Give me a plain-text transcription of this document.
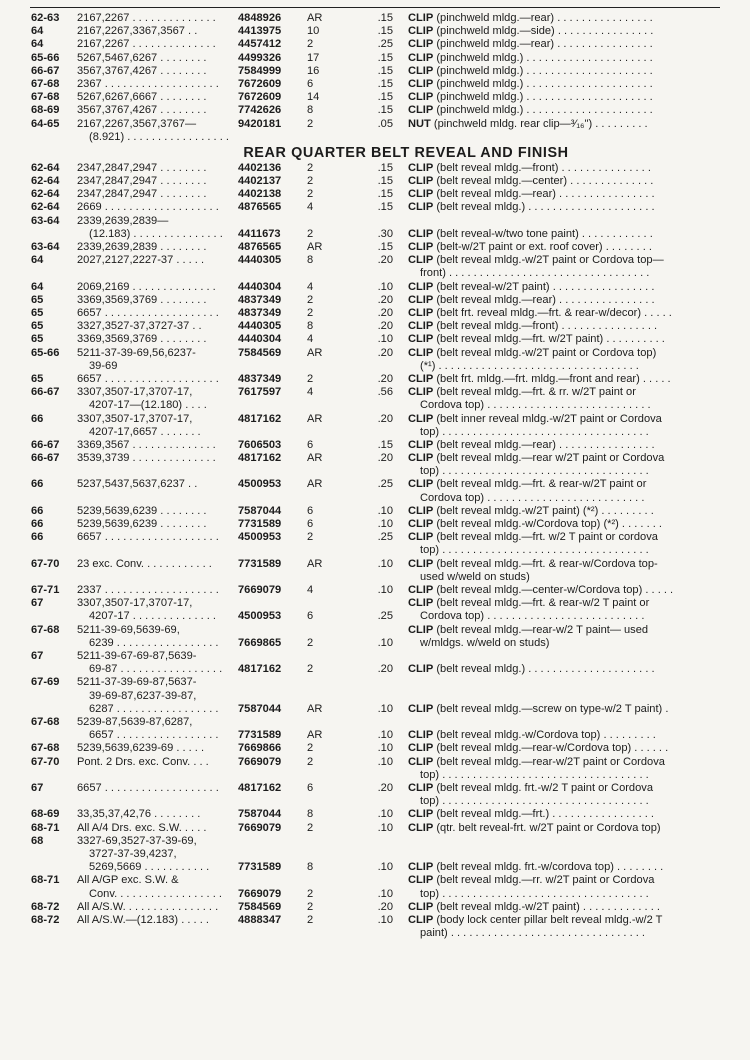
62-63	2167,2267 . . . . . . . . . . . . . .	4848926	AR	.15 CLIP (pinchweld mldg.—rear) . . . . . . . . . . . . . . . .
64	2167,2267,3367,3567 . .	4413975	10	.15 CLIP (pinchweld mldg.—side) . . . . . . . . . . . . . . . .
64	2167,2267 . . . . . . . . . . . . . .	4457412	2	.25 CLIP (pinchweld mldg.—rear) . . . . . . . . . . . . . . . .
65-66	5267,5467,6267 . . . . . . . .	4499326	17	.15 CLIP (pinchweld mldg.) . . . . . . . . . . . . . . . . . . . . .
66-67	3567,3767,4267 . . . . . . . .	7584999	16	.15 CLIP (pinchweld mldg.) . . . . . . . . . . . . . . . . . . . . .
67-68	2367 . . . . . . . . . . . . . . . . . . .	7672609	6	.15 CLIP (pinchweld mldg.) . . . . . . . . . . . . . . . . . . . . .
67-68	5267,6267,6667 . . . . . . . .	7672609	14	.15 CLIP (pinchweld mldg.) . . . . . . . . . . . . . . . . . . . . .
68-69	3567,3767,4267 . . . . . . . .	7742626	8	.15 CLIP (pinchweld mldg.) . . . . . . . . . . . . . . . . . . . . .
64-65	2167,2267,3567,3767—
(8.921) . . . . . . . . . . . . . . . . .
9420181	2	.05 NUT (pinchweld mldg. rear clip—³⁄₁₆") . . . . . . . . .
REAR QUARTER BELT REVEAL AND FINISH
62-64	2347,2847,2947 . . . . . . . .	4402136	2	.15 CLIP (belt reveal mldg.—front) . . . . . . . . . . . . . . .
62-64	2347,2847,2947 . . . . . . . .	4402137	2	.15 CLIP (belt reveal mldg.—center) . . . . . . . . . . . . . .
62-64	2347,2847,2947 . . . . . . . .	4402138	2	.15 CLIP (belt reveal mldg.—rear) . . . . . . . . . . . . . . . .
62-64	2669 . . . . . . . . . . . . . . . . . . .	4876565	4	.15 CLIP (belt reveal mldg.) . . . . . . . . . . . . . . . . . . . . .
63-64	2339,2639,2839—
(12.183) . . . . . . . . . . . . . . .	4411673	2	.30 CLIP (belt reveal-w/two tone paint) . . . . . . . . . . . .
63-64	2339,2639,2839 . . . . . . . .	4876565	AR	.15 CLIP (belt-w/2T paint or ext. roof cover) . . . . . . . .
64	2027,2127,2227-37 . . . . .	4440305	8	.20 CLIP (belt reveal mldg.-w/2T paint or Cordova top—
front) . . . . . . . . . . . . . . . . . . . . . . . . . . . . . . . . .
64	2069,2169 . . . . . . . . . . . . . .	4440304	4	.10 CLIP (belt reveal-w/2T paint) . . . . . . . . . . . . . . . . .
65	3369,3569,3769 . . . . . . . .	4837349	2	.20 CLIP (belt reveal mldg.—rear) . . . . . . . . . . . . . . . .
65	6657 . . . . . . . . . . . . . . . . . . .	4837349	2	.20 CLIP (belt frt. reveal mldg.—frt. & rear-w/decor) . . . . .
65	3327,3527-37,3727-37 . .	4440305	8	.20 CLIP (belt reveal mldg.—front) . . . . . . . . . . . . . . . .
65	3369,3569,3769 . . . . . . . .	4440304	4	.10 CLIP (belt reveal mldg.—frt. w/2T paint) . . . . . . . . . .
65-66	5211-37-39-69,56,6237-
39-69
7584569	AR	.20 CLIP (belt reveal mldg.-w/2T paint or Cordova top)
(*¹) . . . . . . . . . . . . . . . . . . . . . . . . . . . . . . . . .
65	6657 . . . . . . . . . . . . . . . . . . .	4837349	2	.20 CLIP (belt frt. mldg.—frt. mldg.—front and rear) . . . . .
66-67	3307,3507-17,3707-17,
4207-17—(12.180) . . . .
7617597	4	.56 CLIP (belt reveal mldg.—frt. & rr. w/2T paint or
Cordova top) . . . . . . . . . . . . . . . . . . . . . . . . . . .
66	3307,3507-17,3707-17,
4207-17,6657 . . . . . . .
4817162	AR	.20 CLIP (belt inner reveal mldg.-w/2T paint or Cordova
top) . . . . . . . . . . . . . . . . . . . . . . . . . . . . . . . . . .
66-67	3369,3567 . . . . . . . . . . . . . .	7606503	6	.15 CLIP (belt reveal mldg.—rear) . . . . . . . . . . . . . . . .
66-67	3539,3739 . . . . . . . . . . . . . .	4817162	AR	.20 CLIP (belt reveal mldg.—rear w/2T paint or Cordova
top) . . . . . . . . . . . . . . . . . . . . . . . . . . . . . . . . . .
66	5237,5437,5637,6237 . .	4500953	AR	.25 CLIP (belt reveal mldg.—frt. & rear-w/2T paint or
Cordova top) . . . . . . . . . . . . . . . . . . . . . . . . . .
66	5239,5639,6239 . . . . . . . .	7587044	6	.10 CLIP (belt reveal mldg.-w/2T paint) (*²) . . . . . . . . .
66	5239,5639,6239 . . . . . . . .	7731589	6	.10 CLIP (belt reveal mldg.-w/Cordova top) (*²) . . . . . . .
66	6657 . . . . . . . . . . . . . . . . . . .	4500953	2	.25 CLIP (belt reveal mldg.—frt. w/2 T paint or cordova
top) . . . . . . . . . . . . . . . . . . . . . . . . . . . . . . . . . .
67-70	23 exc. Conv. . . . . . . . . . . .	7731589	AR	.10 CLIP (belt reveal mldg.—frt. & rear-w/Cordova top-
used w/weld on studs)
67-71	2337 . . . . . . . . . . . . . . . . . . .	7669079	4	.10 CLIP (belt reveal mldg.—center-w/Cordova top) . . . . .
67	3307,3507-17,3707-17,
4207-17 . . . . . . . . . . . . . .	4500953	6	.25
CLIP (belt reveal mldg.—frt. & rear-w/2 T paint or
Cordova top) . . . . . . . . . . . . . . . . . . . . . . . . . .
67-68	5211-39-69,5639-69,
6239 . . . . . . . . . . . . . . . . .	7669865	2	.10
CLIP (belt reveal mldg.—rear-w/2 T paint— used
w/mldgs. w/weld on studs)
67	5211-39-67-69-87,5639-
69-87 . . . . . . . . . . . . . . . . .	4817162	2	.20 CLIP (belt reveal mldg.) . . . . . . . . . . . . . . . . . . . . .
67-69	5211-37-39-69-87,5637-
39-69-87,6237-39-87,
6287 . . . . . . . . . . . . . . . . .	7587044	AR	.10 CLIP (belt reveal mldg.—screw on type-w/2 T paint) .
67-68	5239-87,5639-87,6287,
6657 . . . . . . . . . . . . . . . . .	7731589	AR	.10 CLIP (belt reveal mldg.-w/Cordova top) . . . . . . . . .
67-68	5239,5639,6239-69 . . . . .	7669866	2	.10 CLIP (belt reveal mldg.—rear-w/Cordova top) . . . . . .
67-70	Pont. 2 Drs. exc. Conv. . . .	7669079	2	.10 CLIP (belt reveal mldg.—rear-w/2T paint or Cordova
top) . . . . . . . . . . . . . . . . . . . . . . . . . . . . . . . . . .
67	6657 . . . . . . . . . . . . . . . . . . .	4817162	6	.20 CLIP (belt reveal mldg. frt.-w/2 T paint or Cordova
top) . . . . . . . . . . . . . . . . . . . . . . . . . . . . . . . . . .
68-69	33,35,37,42,76 . . . . . . . .	7587044	8	.10 CLIP (belt reveal mldg.—frt.) . . . . . . . . . . . . . . . . .
68-71	All A/4 Drs. exc. S.W. . . . .	7669079	2	.10 CLIP (qtr. belt reveal-frt. w/2T paint or Cordova top)
68	3327-69,3527-37-39-69,
3727-37-39,4237,
5269,5669 . . . . . . . . . . .	7731589	8	.10 CLIP (belt reveal mldg. frt.-w/cordova top) . . . . . . . .
68-71	All A/GP exc. S.W. &
Conv. . . . . . . . . . . . . . . . . .	7669079	2	.10
CLIP (belt reveal mldg.—rr. w/2T paint or Cordova
top) . . . . . . . . . . . . . . . . . . . . . . . . . . . . . . . . . .
68-72	All A/S.W. . . . . . . . . . . . . . . .	7584569	2	.20 CLIP (belt reveal mldg.-w/2T paint) . . . . . . . . . . . . .
68-72	All A/S.W.—(12.183) . . . . .	4888347	2	.10 CLIP (body lock center pillar belt reveal mldg.-w/2 T
paint) . . . . . . . . . . . . . . . . . . . . . . . . . . . . . . . .
